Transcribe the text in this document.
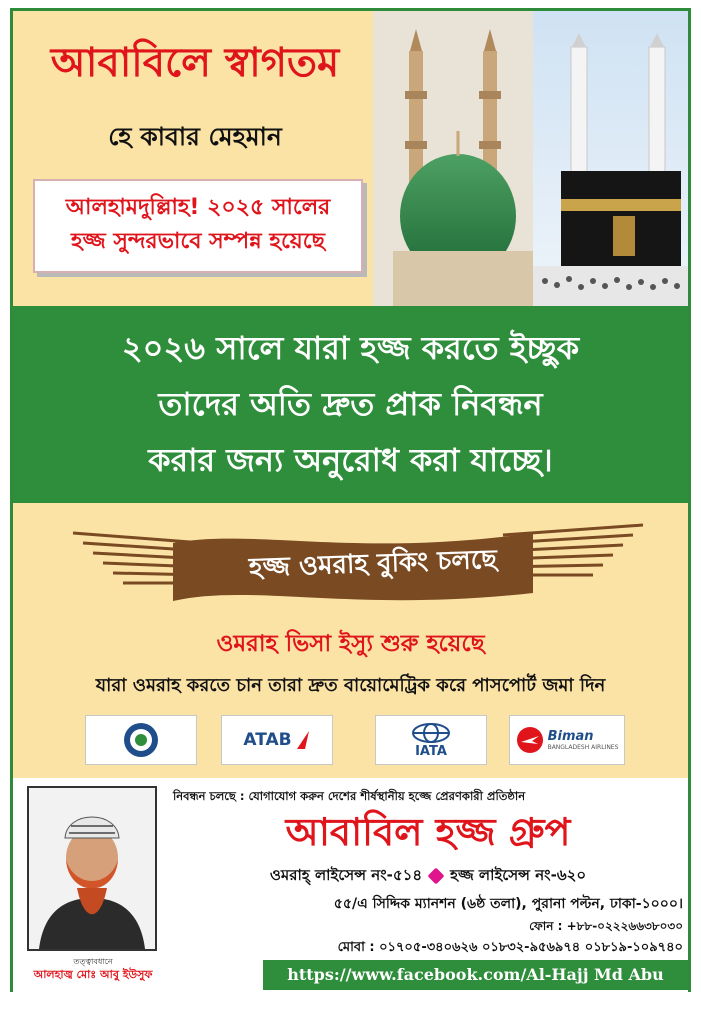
আবাবিলে স্বাগতম
হে কাবার মেহমান
আলহামদুল্লিাহ! ২০২৫ সালের
হজ্জ সুন্দরভাবে সম্পন্ন হয়েছে
২০২৬ সালে যারা হজ্জ করতে ইচ্ছুক
তাদের অতি দ্রুত প্রাক নিবন্ধন
করার জন্য অনুরোধ করা যাচ্ছে।
হজ্জ ওমরাহ বুকিং চলছে
ওমরাহ ভিসা ইস্যু শুরু হয়েছে
যারা ওমরাহ করতে চান তারা দ্রুত বায়োমেট্রিক করে পাসপোর্ট জমা দিন
ATAB
IATA
Biman
BANGLADESH AIRLINES
তত্ত্বাবধানে
আলহাজ্ব মোঃ আবু ইউসুফ
নিবন্ধন চলছে : যোগাযোগ করুন দেশের শীর্ষস্থানীয় হজ্জে প্রেরণকারী প্রতিষ্ঠান
আবাবিল হজ্জ গ্রুপ
ওমরাহ্ লাইসেন্স নং-৫১৪ হজ্জ লাইসেন্স নং-৬২০
৫৫/এ সিদ্দিক ম্যানশন (৬ষ্ঠ তলা), পুরানা পল্টন, ঢাকা-১০০০।
ফোন : +৮৮-০২২২৬৬৩৮০৩০
মোবা : ০১৭০৫-৩৪০৬২৬ ০১৮৩২-৯৫৬৯৭৪ ০১৮১৯-১০৯৭৪০
https://www.facebook.com/Al-Hajj Md Abu Yousuf
